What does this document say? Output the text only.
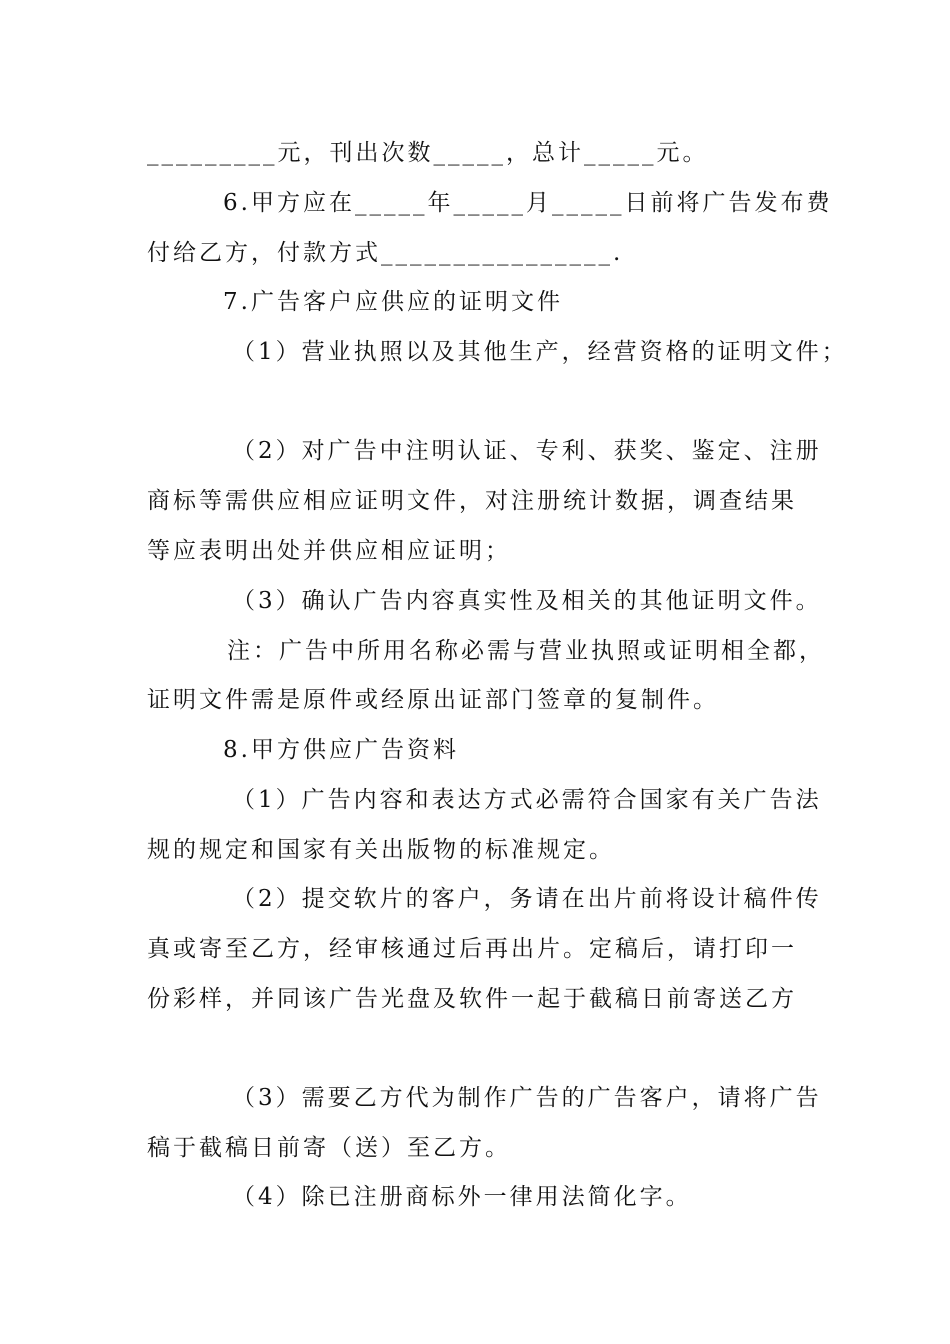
_________元，刊出次数_____，总计_____元。
6.甲方应在_____年_____月_____日前将广告发布费
付给乙方，付款方式________________.
7.广告客户应供应的证明文件
（1）营业执照以及其他生产，经营资格的证明文件；
（2）对广告中注明认证、专利、获奖、鉴定、注册
商标等需供应相应证明文件，对注册统计数据，调查结果
等应表明出处并供应相应证明；
（3）确认广告内容真实性及相关的其他证明文件。
注：广告中所用名称必需与营业执照或证明相全都，
证明文件需是原件或经原出证部门签章的复制件。
8.甲方供应广告资料
（1）广告内容和表达方式必需符合国家有关广告法
规的规定和国家有关出版物的标准规定。
（2）提交软片的客户，务请在出片前将设计稿件传
真或寄至乙方，经审核通过后再出片。定稿后，请打印一
份彩样，并同该广告光盘及软件一起于截稿日前寄送乙方
（3）需要乙方代为制作广告的广告客户，请将广告
稿于截稿日前寄（送）至乙方。
（4）除已注册商标外一律用法简化字。
